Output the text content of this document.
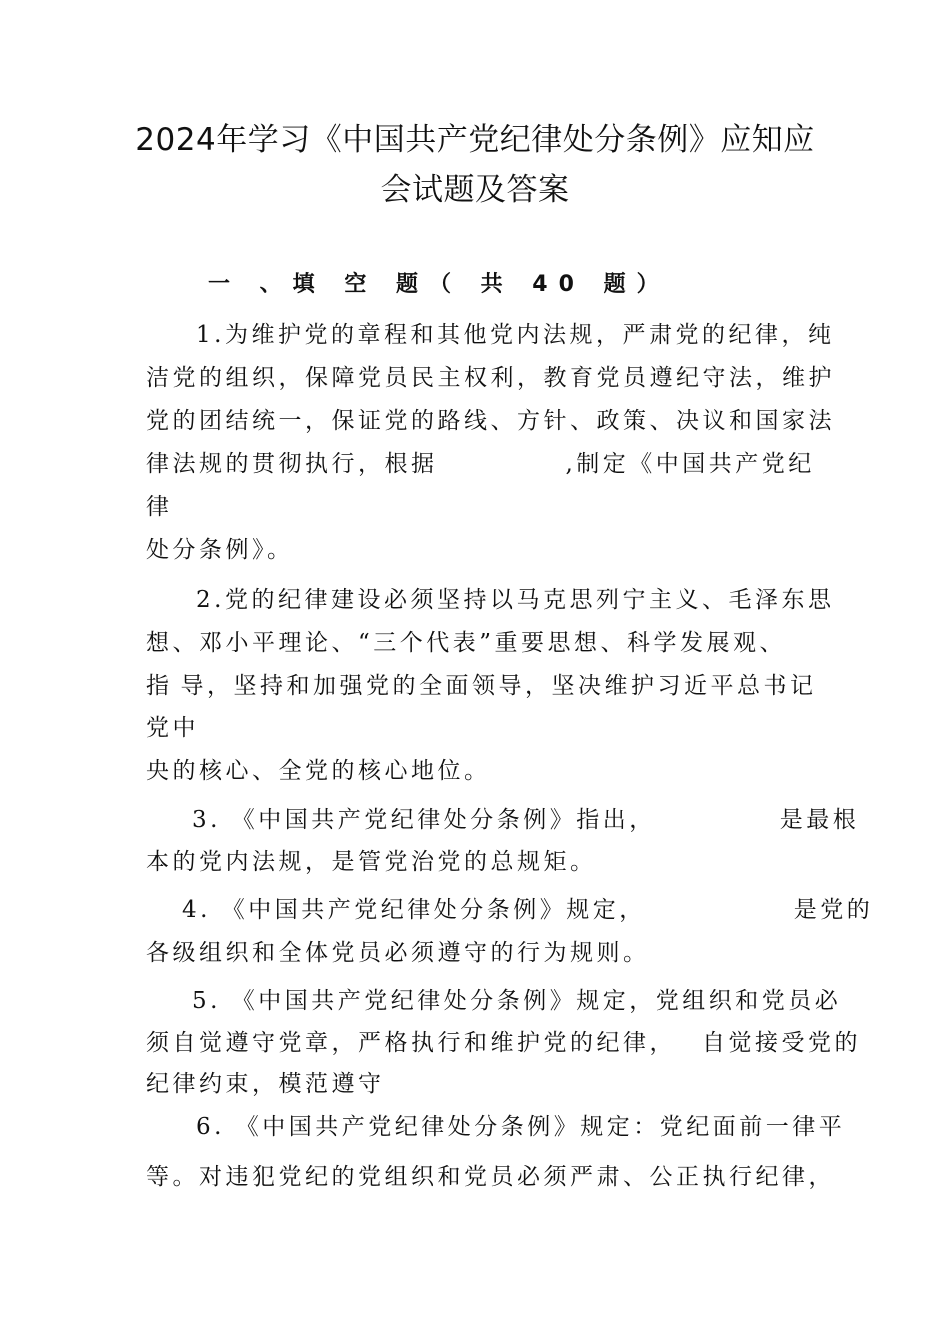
2024年学习《中国共产党纪律处分条例》应知应
会试题及答案
一 、填 空 题（ 共 40 题）
1.为维护党的章程和其他党内法规，严肃党的纪律，纯
洁党的组织，保障党员民主权利，教育党员遵纪守法，维护
党的团结统一，保证党的路线、方针、政策、决议和国家法
律法规的贯彻执行，根据	,制定《中国共产党纪
律
处分条例》。
2.党的纪律建设必须坚持以马克思列宁主义、毛泽东思
想、邓小平理论、“三个代表”重要思想、科学发展观、
指 导，坚持和加强党的全面领导，坚决维护习近平总书记
党中
央的核心、全党的核心地位。
3. 《中国共产党纪律处分条例》指出，	是最根
本的党内法规，是管党治党的总规矩。
4. 《中国共产党纪律处分条例》规定，	是党的
各级组织和全体党员必须遵守的行为规则。
5. 《中国共产党纪律处分条例》规定，党组织和党员必
须自觉遵守党章，严格执行和维护党的纪律， 自觉接受党的
纪律约束，模范遵守
6. 《中国共产党纪律处分条例》规定：党纪面前一律平
等。对违犯党纪的党组织和党员必须严肃、公正执行纪律，
